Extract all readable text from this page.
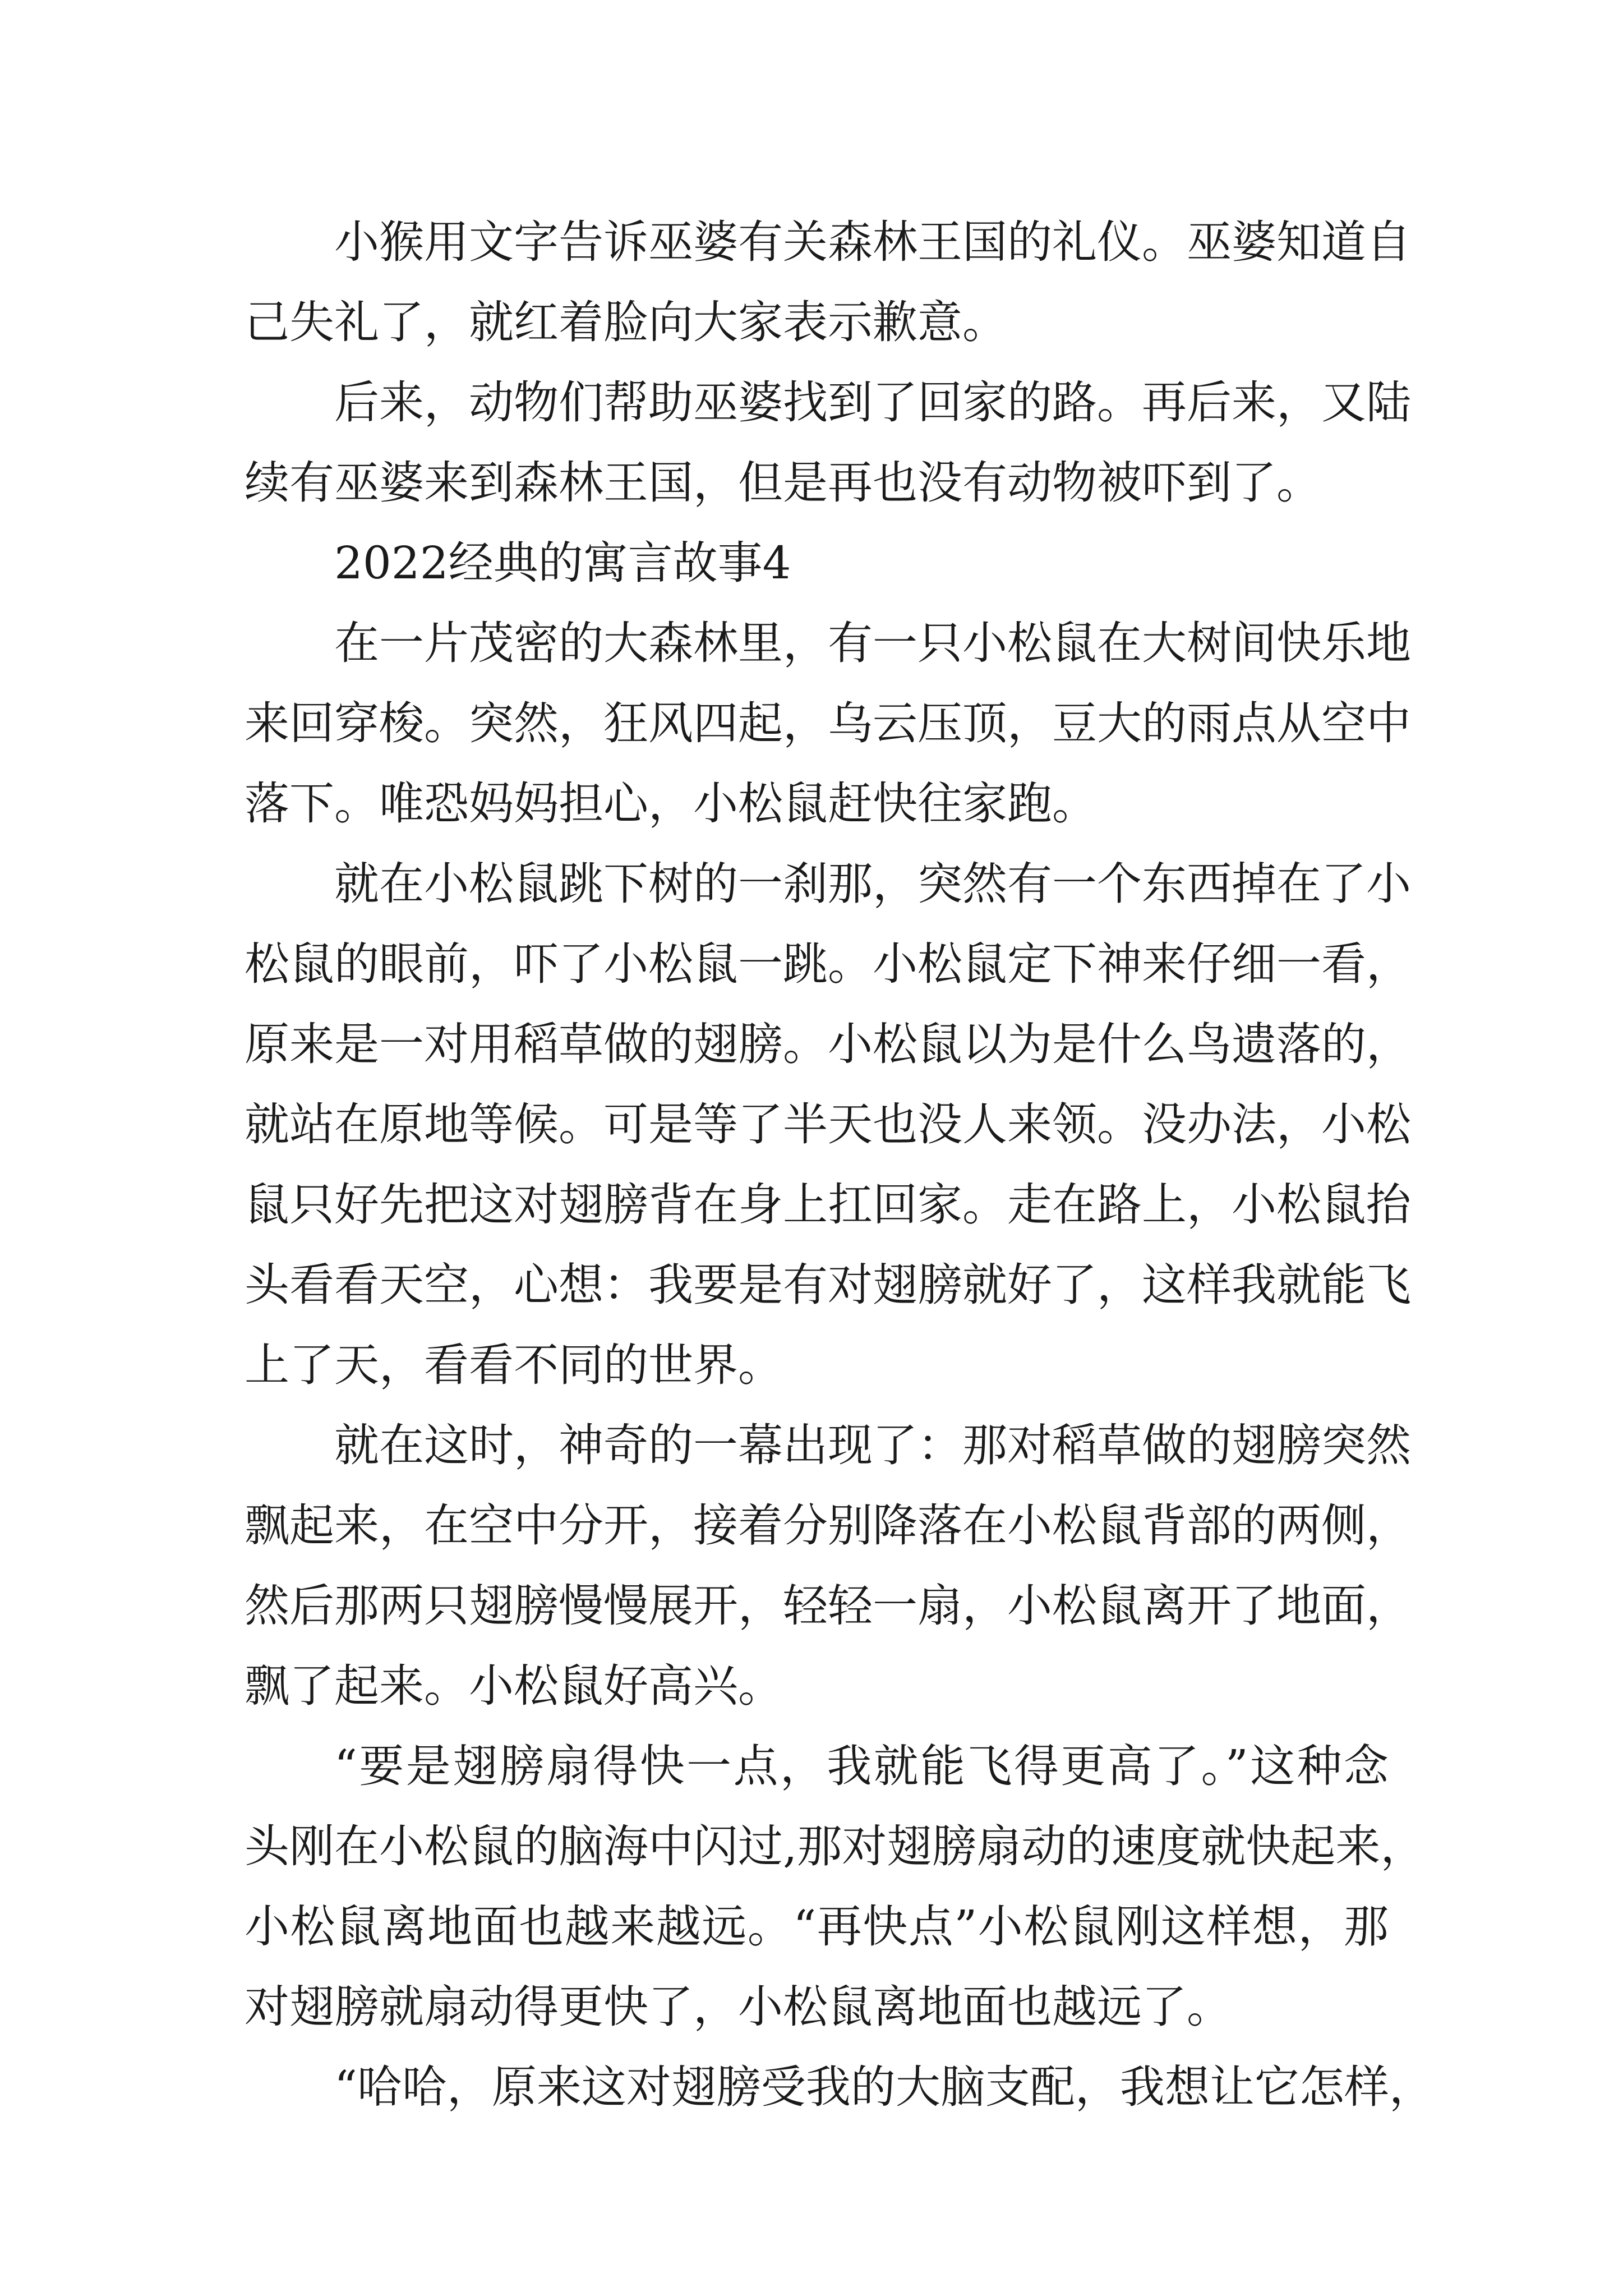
小猴用文字告诉巫婆有关森林王国的礼仪。巫婆知道自
己失礼了，就红着脸向大家表示歉意。
后来，动物们帮助巫婆找到了回家的路。再后来，又陆
续有巫婆来到森林王国，但是再也没有动物被吓到了。
2022经典的寓言故事4
在一片茂密的大森林里，有一只小松鼠在大树间快乐地
来回穿梭。突然，狂风四起，乌云压顶，豆大的雨点从空中
落下。唯恐妈妈担心，小松鼠赶快往家跑。
就在小松鼠跳下树的一刹那，突然有一个东西掉在了小
松鼠的眼前，吓了小松鼠一跳。小松鼠定下神来仔细一看，
原来是一对用稻草做的翅膀。小松鼠以为是什么鸟遗落的，
就站在原地等候。可是等了半天也没人来领。没办法，小松
鼠只好先把这对翅膀背在身上扛回家。走在路上，小松鼠抬
头看看天空，心想：我要是有对翅膀就好了，这样我就能飞
上了天，看看不同的世界。
就在这时，神奇的一幕出现了：那对稻草做的翅膀突然
飘起来，在空中分开，接着分别降落在小松鼠背部的两侧，
然后那两只翅膀慢慢展开，轻轻一扇，小松鼠离开了地面，
飘了起来。小松鼠好高兴。
“要是翅膀扇得快一点，我就能飞得更高了。”这种念
头刚在小松鼠的脑海中闪过,那对翅膀扇动的速度就快起来，
小松鼠离地面也越来越远。“再快点”小松鼠刚这样想，那
对翅膀就扇动得更快了，小松鼠离地面也越远了。
“哈哈，原来这对翅膀受我的大脑支配，我想让它怎样，
